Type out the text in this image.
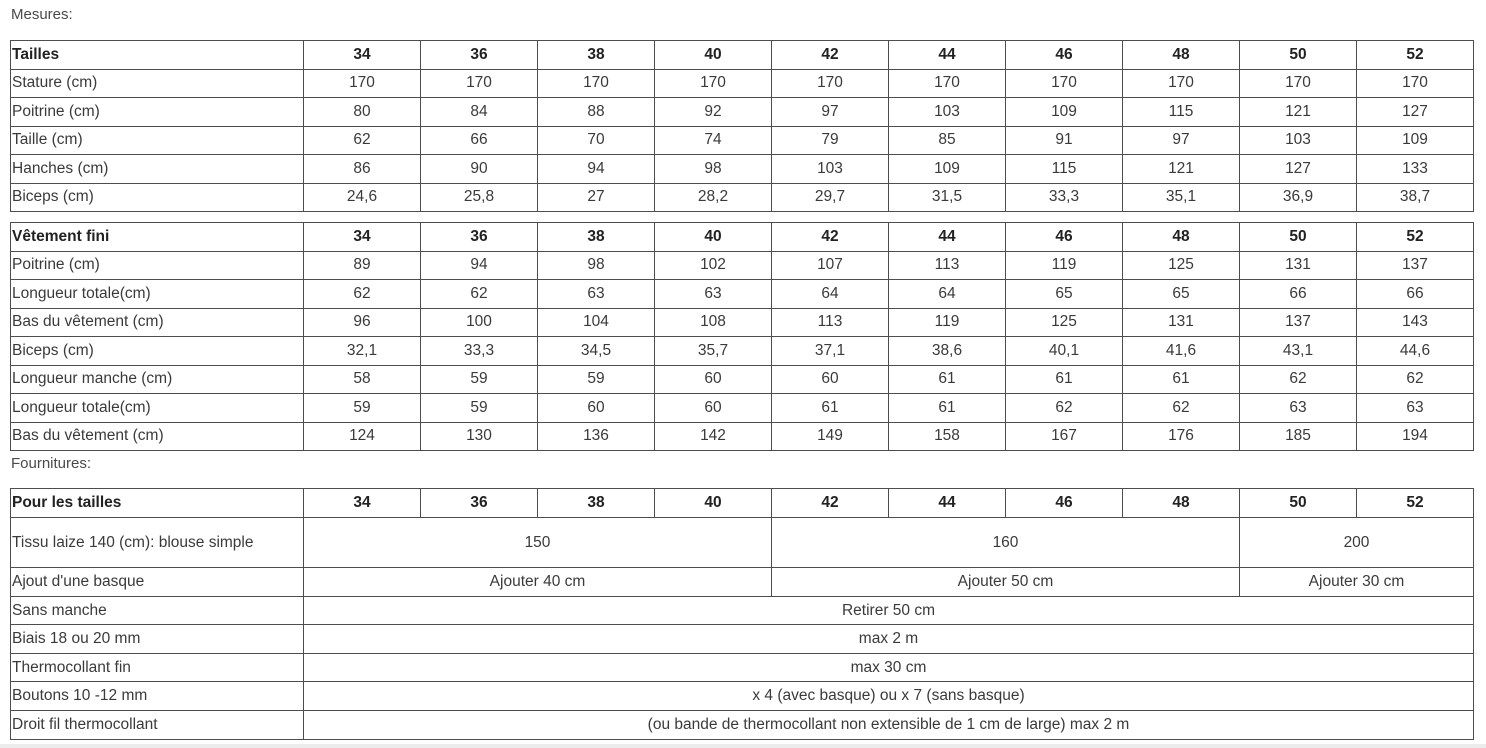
Mesures:
Tailles	34	36	38	40	42	44	46	48	50	52
Stature (cm)	170	170	170	170	170	170	170	170	170	170
Poitrine (cm)	80	84	88	92	97	103	109	115	121	127
Taille (cm)	62	66	70	74	79	85	91	97	103	109
Hanches (cm)	86	90	94	98	103	109	115	121	127	133
Biceps (cm)	24,6	25,8	27	28,2	29,7	31,5	33,3	35,1	36,9	38,7
Vêtement fini	34	36	38	40	42	44	46	48	50	52
Poitrine (cm)	89	94	98	102	107	113	119	125	131	137
Longueur totale(cm)	62	62	63	63	64	64	65	65	66	66
Bas du vêtement (cm)	96	100	104	108	113	119	125	131	137	143
Biceps (cm)	32,1	33,3	34,5	35,7	37,1	38,6	40,1	41,6	43,1	44,6
Longueur manche (cm)	58	59	59	60	60	61	61	61	62	62
Longueur totale(cm)	59	59	60	60	61	61	62	62	63	63
Bas du vêtement (cm)	124	130	136	142	149	158	167	176	185	194
Fournitures:
Pour les tailles	34	36	38	40	42	44	46	48	50	52
Tissu laize 140 (cm): blouse simple	150				160				200	
Ajout d'une basque	Ajouter 40 cm				Ajouter 50 cm				Ajouter 30 cm	
Sans manche	Retirer 50 cm									
Biais 18 ou 20 mm	max 2 m									
Thermocollant fin	max 30 cm									
Boutons 10 -12 mm	x 4 (avec basque) ou x 7 (sans basque)									
Droit fil thermocollant	(ou bande de thermocollant non extensible de 1 cm de large) max 2 m									
